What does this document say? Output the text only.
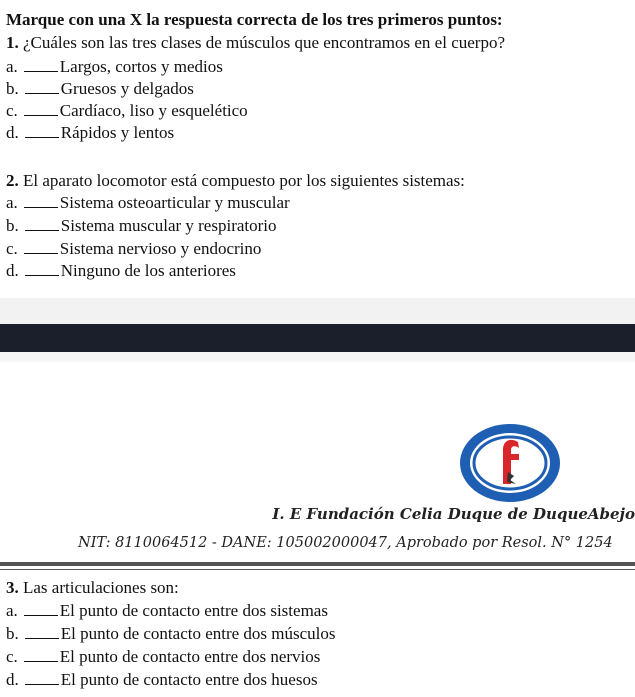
Marque con una X la respuesta correcta de los tres primeros puntos:
1. ¿Cuáles son las tres clases de músculos que encontramos en el cuerpo?
a. Largos, cortos y medios
b. Gruesos y delgados
c. Cardíaco, liso y esquelético
d. Rápidos y lentos
2. El aparato locomotor está compuesto por los siguientes sistemas:
a. Sistema osteoarticular y muscular
b. Sistema muscular y respiratorio
c. Sistema nervioso y endocrino
d. Ninguno de los anteriores
I. E Fundación Celia Duque de DuqueAbejo
NIT: 8110064512 - DANE: 105002000047, Aprobado por Resol. N° 1254
3. Las articulaciones son:
a. El punto de contacto entre dos sistemas
b. El punto de contacto entre dos músculos
c. El punto de contacto entre dos nervios
d. El punto de contacto entre dos huesos
